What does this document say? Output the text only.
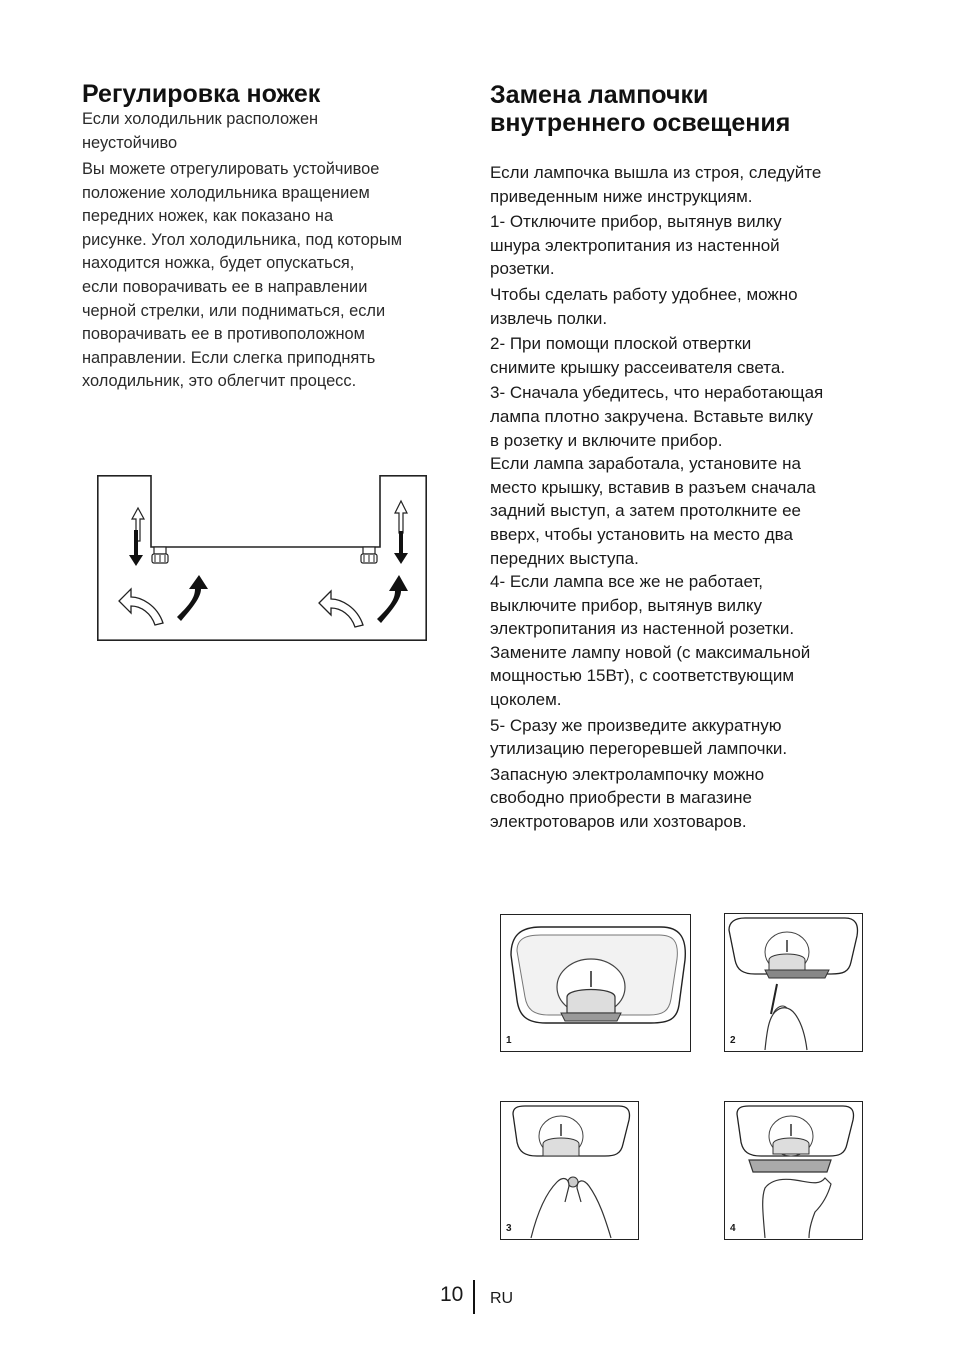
Регулировка ножек
Если холодильник расположен
неустойчиво
Вы можете отрегулировать устойчивое
положение холодильника вращением
передних ножек, как показано на
рисунке. Угол холодильника, под которым
находится ножка, будет опускаться,
если поворачивать ее в направлении
черной стрелки, или подниматься, если
поворачивать ее в противоположном
направлении. Если слегка приподнять
холодильник, это облегчит процесс.
Замена лампочки
внутреннего освещения
Если лампочка вышла из строя, следуйте
приведенным ниже инструкциям.
1- Отключите прибор, вытянув вилку
шнура электропитания из настенной
розетки.
Чтобы сделать работу удобнее, можно
извлечь полки.
2- При помощи плоской отвертки
снимите крышку рассеивателя света.
3- Сначала убедитесь, что неработающая
лампа плотно закручена. Вставьте вилку
в розетку и включите прибор.
Если лампа заработала, установите на
место крышку, вставив в разъем сначала
задний выступ, а затем протолкните ее
вверх, чтобы установить на место два
передних выступа.
4- Если лампа все же не работает,
выключите прибор, вытянув вилку
электропитания из настенной розетки.
Замените лампу новой (с максимальной
мощностью 15Вт), с соответствующим
цоколем.
5- Сразу же произведите аккуратную
утилизацию перегоревшей лампочки.
Запасную электролампочку можно
свободно приобрести в магазине
электротоваров или хозтоваров.
1	2
3	4
10 RU
